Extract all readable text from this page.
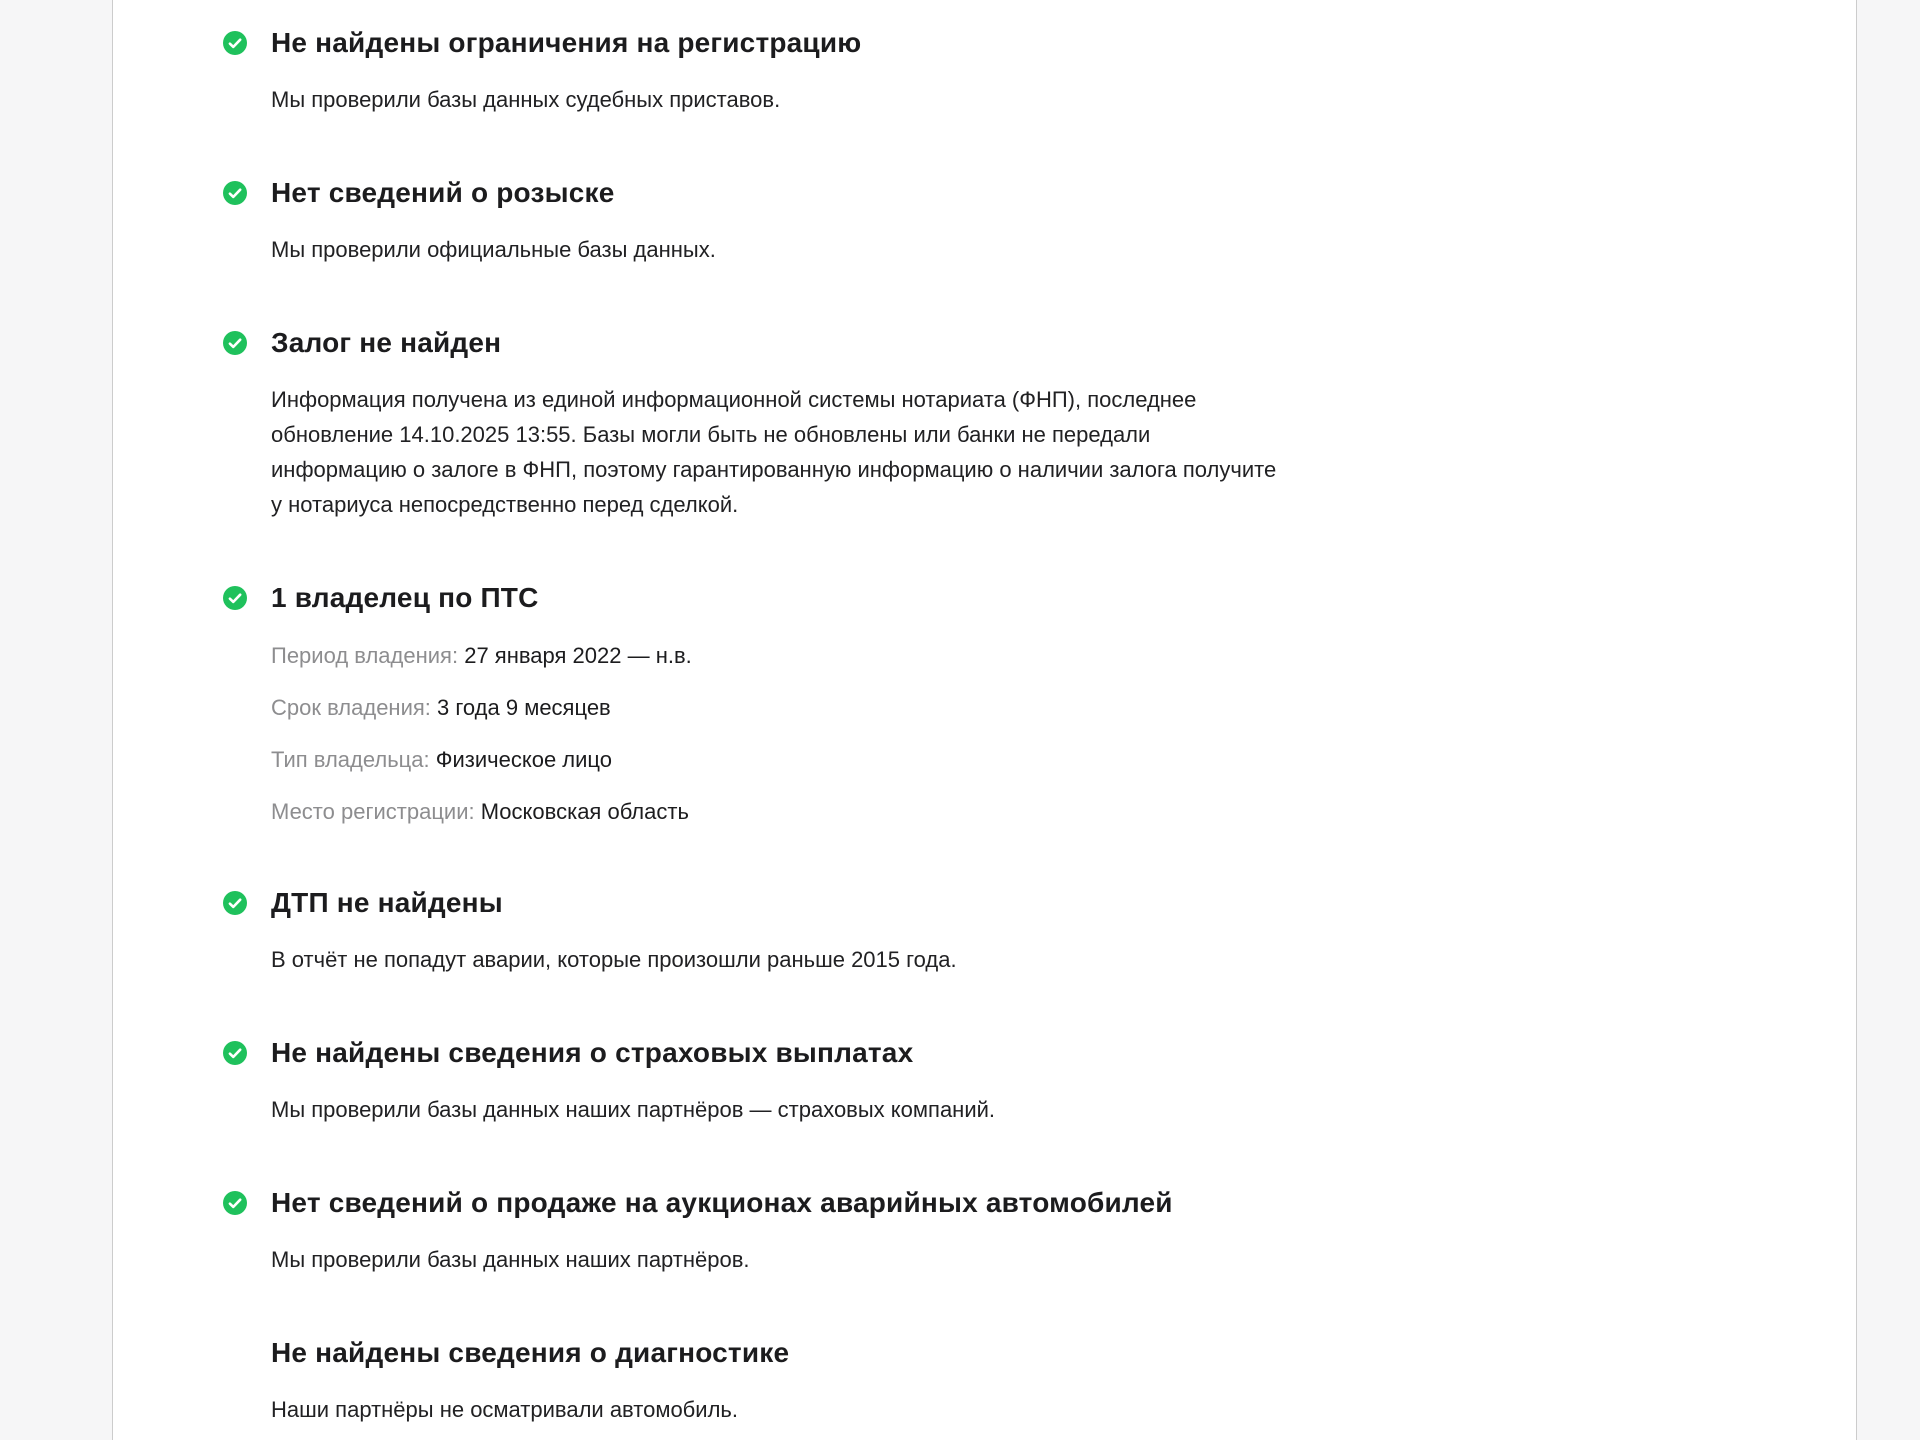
Не найдены ограничения на регистрацию

Мы проверили базы данных судебных приставов.

Нет сведений о розыске

Мы проверили официальные базы данных.

Залог не найден

Информация получена из единой информационной системы нотариата (ФНП), последнее обновление 14.10.2025 13:55. Базы могли быть не обновлены или банки не передали информацию о залоге в ФНП, поэтому гарантированную информацию о наличии залога получите у нотариуса непосредственно перед сделкой.

1 владелец по ПТС
Период владения: 27 января 2022 — н.в.
Срок владения: 3 года 9 месяцев
Тип владельца: Физическое лицо
Место регистрации: Московская область
ДТП не найдены

В отчёт не попадут аварии, которые произошли раньше 2015 года.

Не найдены сведения о страховых выплатах

Мы проверили базы данных наших партнёров — страховых компаний.

Нет сведений о продаже на аукционах аварийных автомобилей

Мы проверили базы данных наших партнёров.

Не найдены сведения о диагностике

Наши партнёры не осматривали автомобиль.
